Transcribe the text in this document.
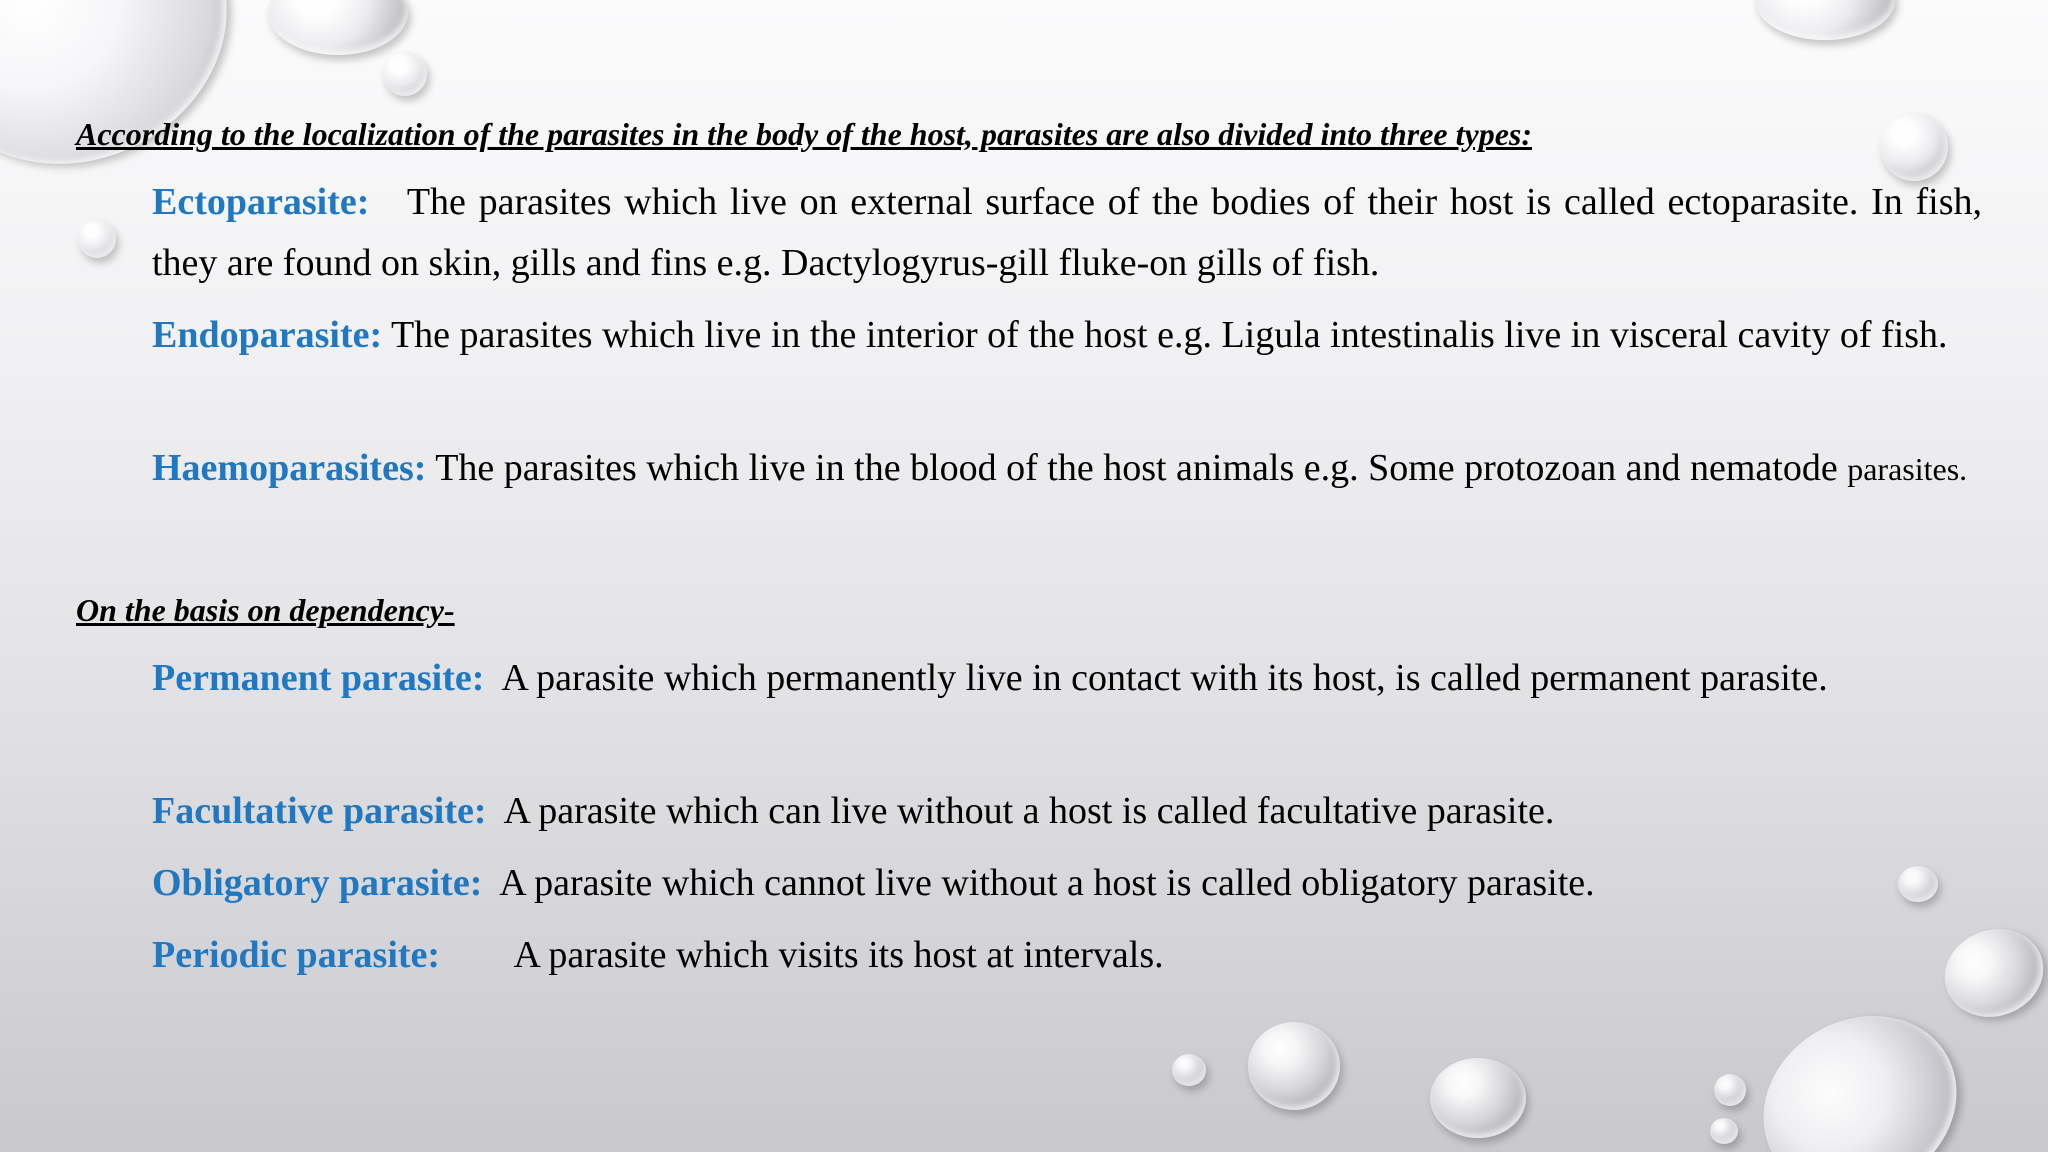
According to the localization of the parasites in the body of the host, parasites are also divided into three types:
Ectoparasite: The parasites which live on external surface of the bodies of their host is called ectoparasite. In fish, they are found on skin, gills and fins e.g. Dactylogyrus-gill fluke-on gills of fish.
Endoparasite: The parasites which live in the interior of the host e.g. Ligula intestinalis live in visceral cavity of fish.
Haemoparasites: The parasites which live in the blood of the host animals e.g. Some protozoan and nematode parasites.
On the basis on dependency-
Permanent parasite: A parasite which permanently live in contact with its host, is called permanent parasite.
Facultative parasite: A parasite which can live without a host is called facultative parasite.
Obligatory parasite: A parasite which cannot live without a host is called obligatory parasite.
Periodic parasite: A parasite which visits its host at intervals.
